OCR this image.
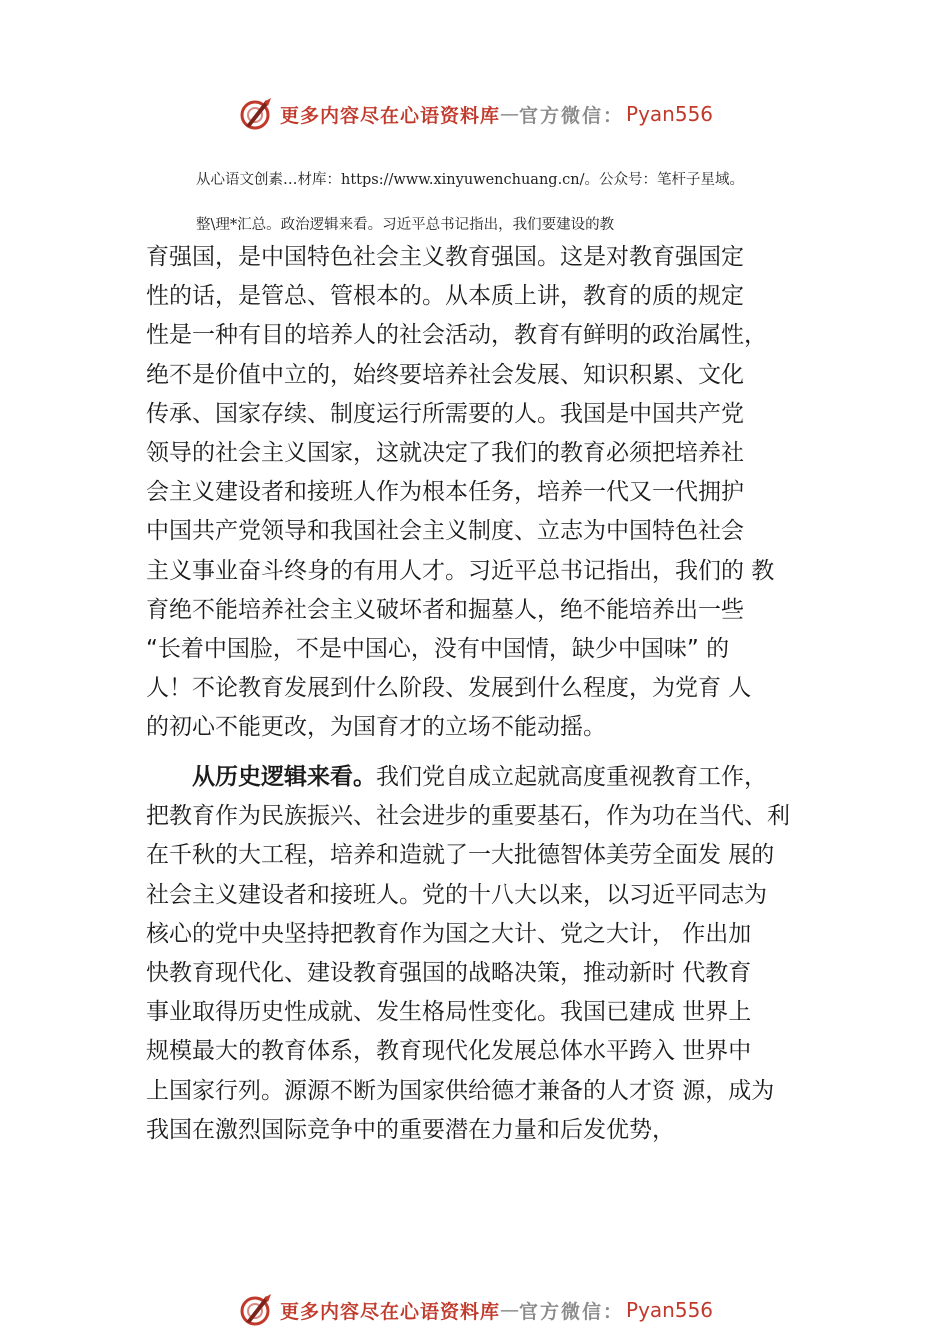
更多内容尽在心语资料库 — 官方微信： Pyan556
从心语文创素…材库：https://www.xinyuwenchuang.cn/。公众号：笔杆子星域。
整\理*汇总。政治逻辑来看。习近平总书记指出，我们要建设的教
育强国，是中国特色社会主义教育强国。这是对教育强国定
性的话，是管总、管根本的。从本质上讲，教育的质的规定
性是一种有目的培养人的社会活动，教育有鲜明的政治属性，
绝不是价值中立的，始终要培养社会发展、知识积累、文化
传承、国家存续、制度运行所需要的人。我国是中国共产党
领导的社会主义国家，这就决定了我们的教育必须把培养社
会主义建设者和接班人作为根本任务，培养一代又一代拥护
中国共产党领导和我国社会主义制度、立志为中国特色社会
主义事业奋斗终身的有用人才。习近平总书记指出，我们的 教
育绝不能培养社会主义破坏者和掘墓人，绝不能培养出一些
“长着中国脸，不是中国心，没有中国情，缺少中国味” 的
人！不论教育发展到什么阶段、发展到什么程度，为党育 人
的初心不能更改，为国育才的立场不能动摇。
从历史逻辑来看。我们党自成立起就高度重视教育工作，
把教育作为民族振兴、社会进步的重要基石，作为功在当代、利
在千秋的大工程，培养和造就了一大批德智体美劳全面发 展的
社会主义建设者和接班人。党的十八大以来，以习近平同志为
核心的党中央坚持把教育作为国之大计、党之大计， 作出加
快教育现代化、建设教育强国的战略决策，推动新时 代教育
事业取得历史性成就、发生格局性变化。我国已建成 世界上
规模最大的教育体系，教育现代化发展总体水平跨入 世界中
上国家行列。源源不断为国家供给德才兼备的人才资 源，成为
我国在激烈国际竞争中的重要潜在力量和后发优势，
更多内容尽在心语资料库 — 官方微信： Pyan556
